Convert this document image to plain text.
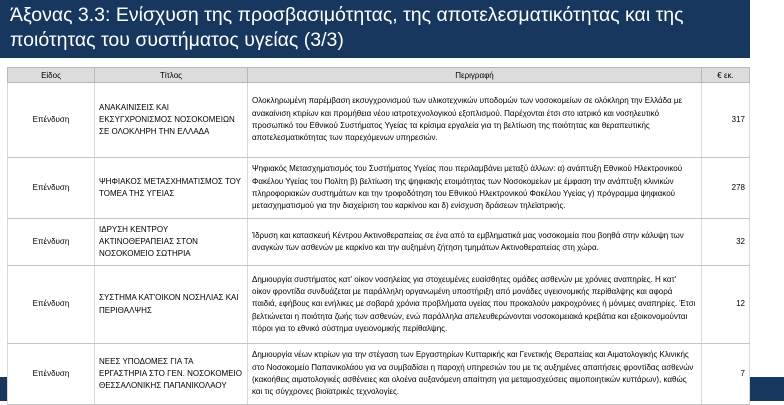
Άξονας 3.3: Ενίσχυση της προσβασιμότητας, της αποτελεσματικότητας και της ποιότητας του συστήματος υγείας (3/3)
Είδος	Τίτλος	Περιγραφή	€ εκ.
Επένδυση	ΑΝΑΚΑΙΝΙΣΕΙΣ ΚΑΙ ΕΚΣΥΓΧΡΟΝΙΣΜΟΣ ΝΟΣΟΚΟΜΕΙΩΝ ΣΕ ΟΛΟΚΛΗΡΗ ΤΗΝ ΕΛΛΑΔΑ	Ολοκληρωμένη παρέμβαση εκσυγχρονισμού των υλικοτεχνικών υποδομών των νοσοκομείων σε ολόκληρη την Ελλάδα με ανακαίνιση κτιρίων και προμήθεια νέου ιατροτεχνολογικού εξοπλισμού. Παρέχονται έτσι στο ιατρικό και νοσηλευτικό προσωπικό του Εθνικού Συστήματος Υγείας τα κρίσιμα εργαλεία για τη βελτίωση της ποιότητας και θεραπευτικής αποτελεσματικότητας των παρεχόμενων υπηρεσιών.	317
Επένδυση	ΨΗΦΙΑΚΟΣ ΜΕΤΑΣΧΗΜΑΤΙΣΜΟΣ ΤΟΥ ΤΟΜΕΑ ΤΗΣ ΥΓΕΙΑΣ	Ψηφιακός Μετασχηματισμός του Συστήματος Υγείας που περιλαμβάνει μεταξύ άλλων: α) ανάπτυξη Εθνικού Ηλεκτρονικού Φακέλου Υγείας του Πολίτη β) βελτίωση της ψηφιακής ετοιμότητας των Νοσοκομείων με έμφαση την ανάπτυξη κλινικών πληροφοριακών συστημάτων και την τροφοδότηση του Εθνικού Ηλεκτρονικού Φακέλου Υγείας γ) πρόγραμμα ψηφιακού μετασχηματισμού για την διαχείριση του καρκίνου και δ) ενίσχυση δράσεων τηλεϊατρικής.	278
Επένδυση	ΙΔΡΥΣΗ ΚΕΝΤΡΟΥ ΑΚΤΙΝΟΘΕΡΑΠΕΙΑΣ ΣΤΟΝ ΝΟΣΟΚΟΜΕΙΟ ΣΩΤΗΡΙΑ	Ίδρυση και κατασκευή Κέντρου Ακτινοθεραπείας σε ένα από τα εμβληματικά μας νοσοκομεία που βοηθά στην κάλυψη των αναγκών των ασθενών με καρκίνο και την αυξημένη ζήτηση τμημάτων Ακτινοθεραπείας στη χώρα.	32
Επένδυση	ΣΥΣΤΗΜΑ ΚΑΤ'ΟΙΚΟΝ ΝΟΣΗΛΙΑΣ ΚΑΙ ΠΕΡΙΘΑΛΨΗΣ	Δημιουργία συστήματος κατ' οίκον νοσηλείας για στοχευμένες ευαίσθητες ομάδες ασθενών με χρόνιες αναπηρίες. Η κατ' οίκον φροντίδα συνδυάζεται με παράλληλη οργανωμένη υποστήριξη από μονάδες υγειονομικής περίθαλψης και αφορά παιδιά, εφήβους και ενήλικες με σοβαρά χρόνια προβλήματα υγείας που προκαλούν μακροχρόνιες ή μόνιμες αναπηρίες. Έτσι βελτιώνεται η ποιότητα ζωής των ασθενών, ενώ παράλληλα απελευθερώνονται νοσοκομειακά κρεβάτια και εξοικονομούνται πόροι για το εθνικό σύστημα υγειονομικής περίθαλψης.	12
Επένδυση	ΝΕΕΣ ΥΠΟΔΟΜΕΣ ΓΙΑ ΤΑ ΕΡΓΑΣΤΗΡΙΑ ΣΤΟ ΓΕΝ. ΝΟΣΟΚΟΜΕΙΟ ΘΕΣΣΑΛΟΝΙΚΗΣ ΠΑΠΑΝΙΚΟΛΑΟΥ	Δημιουργία νέων κτιρίων για την στέγαση των Εργαστηρίων Κυτταρικής και Γενετικής Θεραπείας και Αιματολογικής Κλινικής στο Νοσοκομείο Παπανικολάου για να συμβαδίσει η παροχή υπηρεσιών του με τις αυξημένες απαιτήσεις φροντίδας ασθενών (κακοήθεις αιματολογικές ασθένειες και ολοένα αυξανόμενη απαίτηση για μεταμοσχεύσεις αιμοποιητικών κυττάρων), καθώς και τις σύγχρονες βιοϊατρικές τεχνολογίες.	7
